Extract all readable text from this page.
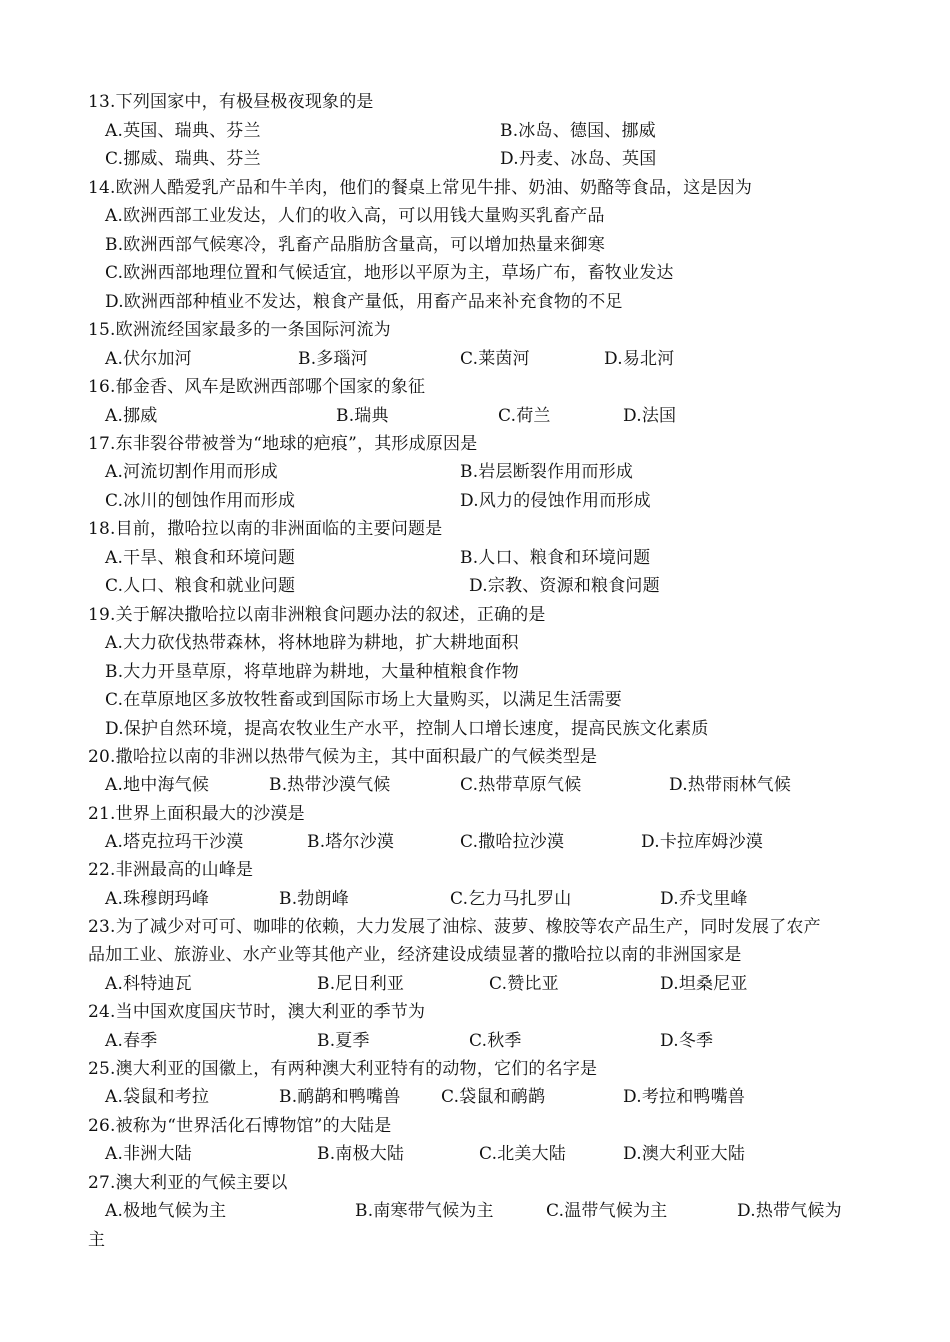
13.下列国家中，有极昼极夜现象的是
A.英国、瑞典、芬兰	B.冰岛、德国、挪威
C.挪威、瑞典、芬兰	D.丹麦、冰岛、英国
14.欧洲人酷爱乳产品和牛羊肉，他们的餐桌上常见牛排、奶油、奶酪等食品，这是因为
A.欧洲西部工业发达，人们的收入高，可以用钱大量购买乳畜产品
B.欧洲西部气候寒冷，乳畜产品脂肪含量高，可以增加热量来御寒
C.欧洲西部地理位置和气候适宜，地形以平原为主，草场广布，畜牧业发达
D.欧洲西部种植业不发达，粮食产量低，用畜产品来补充食物的不足
15.欧洲流经国家最多的一条国际河流为
A.伏尔加河	B.多瑙河	C.莱茵河	D.易北河
16.郁金香、风车是欧洲西部哪个国家的象征
A.挪威	B.瑞典	C.荷兰	D.法国
17.东非裂谷带被誉为“地球的疤痕”，其形成原因是
A.河流切割作用而形成	B.岩层断裂作用而形成
C.冰川的刨蚀作用而形成	D.风力的侵蚀作用而形成
18.目前，撒哈拉以南的非洲面临的主要问题是
A.干旱、粮食和环境问题	B.人口、粮食和环境问题
C.人口、粮食和就业问题	D.宗教、资源和粮食问题
19.关于解决撒哈拉以南非洲粮食问题办法的叙述，正确的是
A.大力砍伐热带森林，将林地辟为耕地，扩大耕地面积
B.大力开垦草原，将草地辟为耕地，大量种植粮食作物
C.在草原地区多放牧牲畜或到国际市场上大量购买，以满足生活需要
D.保护自然环境，提高农牧业生产水平，控制人口增长速度，提高民族文化素质
20.撒哈拉以南的非洲以热带气候为主，其中面积最广的气候类型是
A.地中海气候	B.热带沙漠气候	C.热带草原气候	D.热带雨林气候
21.世界上面积最大的沙漠是
A.塔克拉玛干沙漠	B.塔尔沙漠	C.撒哈拉沙漠	D.卡拉库姆沙漠
22.非洲最高的山峰是
A.珠穆朗玛峰	B.勃朗峰	C.乞力马扎罗山	D.乔戈里峰
23.为了减少对可可、咖啡的依赖，大力发展了油棕、菠萝、橡胶等农产品生产，同时发展了农产
品加工业、旅游业、水产业等其他产业，经济建设成绩显著的撒哈拉以南的非洲国家是
A.科特迪瓦	B.尼日利亚	C.赞比亚	D.坦桑尼亚
24.当中国欢度国庆节时，澳大利亚的季节为
A.春季	B.夏季	C.秋季	D.冬季
25.澳大利亚的国徽上，有两种澳大利亚特有的动物，它们的名字是
A.袋鼠和考拉	B.鸸鹋和鸭嘴兽 C.袋鼠和鸸鹋	D.考拉和鸭嘴兽
26.被称为“世界活化石博物馆”的大陆是
A.非洲大陆	B.南极大陆	C.北美大陆	D.澳大利亚大陆
27.澳大利亚的气候主要以
A.极地气候为主	B.南寒带气候为主	C.温带气候为主	D.热带气候为
主
